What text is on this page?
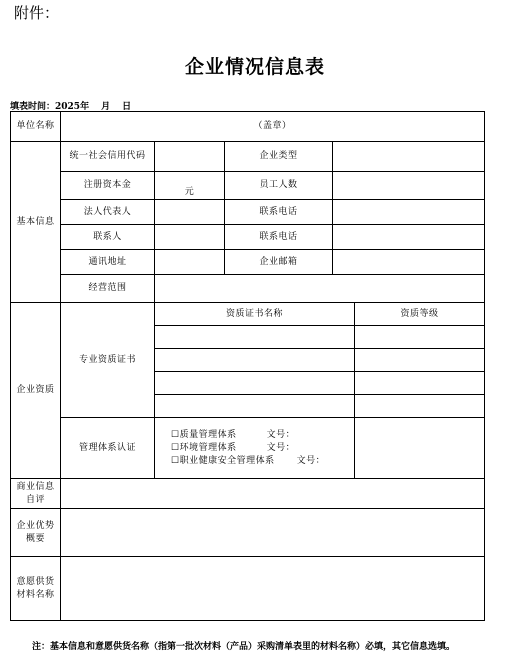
附件：
企业情况信息表
填表时间：2025年 月 日
单位名称	（盖章）				
基本信息	统一社会信用代码		企业类型		
	注册资本金	元	员工人数		
	法人代表人		联系电话		
	联系人		联系电话		
	通讯地址		企业邮箱		
	经营范围				
企业资质	专业资质证书	资质证书名称			资质等级

	管理体系认证	☐质量管理体系 文号：
☐环境管理体系 文号：
☐职业健康安全管理体系 文号：			

商业信息自评					
企业优势概要					
意愿供货材料名称					
注：基本信息和意愿供货名称（指第一批次材料（产品）采购清单表里的材料名称）必填，其它信息选填。
